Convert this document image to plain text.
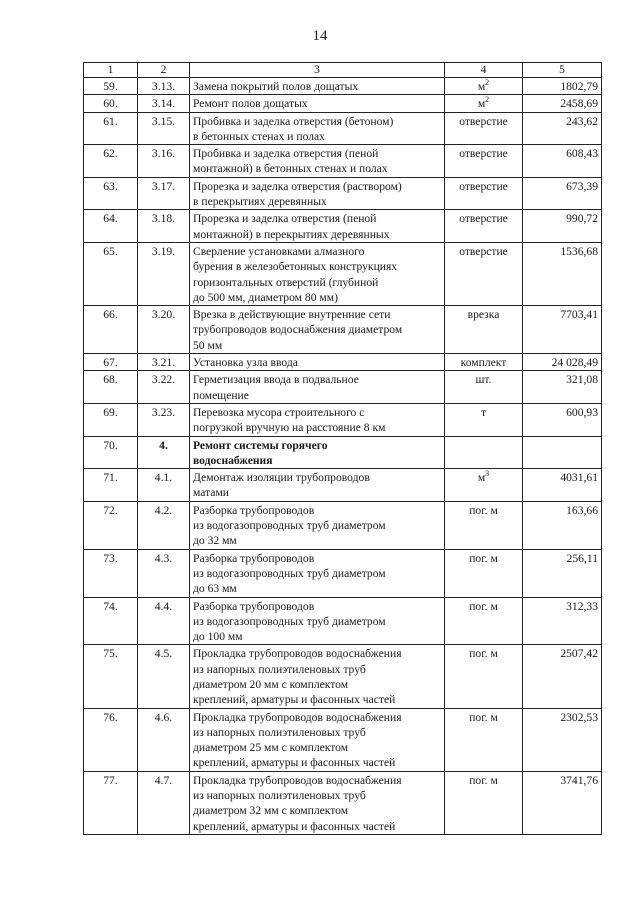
14
1	2	3	4	5
59.	3.13.	Замена покрытий полов дощатых	$м^2$	1802,79
60.	3.14.	Ремонт полов дощатых	$м^2$	2458,69
61.	3.15.	Пробивка и заделка отверстия (бетоном)
в бетонных стенах и полах	отверстие	243,62
62.	3.16.	Пробивка и заделка отверстия (пеной
монтажной) в бетонных стенах и полах	отверстие	608,43
63.	3.17.	Прорезка и заделка отверстия (раствором)
в перекрытиях деревянных	отверстие	673,39
64.	3.18.	Прорезка и заделка отверстия (пеной
монтажной) в перекрытиях деревянных	отверстие	990,72
65.	3.19.	Сверление установками алмазного
бурения в железобетонных конструкциях
горизонтальных отверстий (глубиной
до 500 мм, диаметром 80 мм)	отверстие	1536,68
66.	3.20.	Врезка в действующие внутренние сети
трубопроводов водоснабжения диаметром
50 мм	врезка	7703,41
67.	3.21.	Установка узла ввода	комплект	24 028,49
68.	3.22.	Герметизация ввода в подвальное
помещение	шт.	321,08
69.	3.23.	Перевозка мусора строительного с
погрузкой вручную на расстояние 8 км	т	600,93
70.	4.	Ремонт системы горячего
водоснабжения		

71.	4.1.	Демонтаж изоляции трубопроводов
матами	$м^3$	4031,61
72.	4.2.	Разборка трубопроводов
из водогазопроводных труб диаметром
до 32 мм	пог. м	163,66
73.	4.3.	Разборка трубопроводов
из водогазопроводных труб диаметром
до 63 мм	пог. м	256,11
74.	4.4.	Разборка трубопроводов
из водогазопроводных труб диаметром
до 100 мм	пог. м	312,33
75.	4.5.	Прокладка трубопроводов водоснабжения
из напорных полиэтиленовых труб
диаметром 20 мм с комплектом
креплений, арматуры и фасонных частей	пог. м	2507,42
76.	4.6.	Прокладка трубопроводов водоснабжения
из напорных полиэтиленовых труб
диаметром 25 мм с комплектом
креплений, арматуры и фасонных частей	пог. м	2302,53
77.	4.7.	Прокладка трубопроводов водоснабжения
из напорных полиэтиленовых труб
диаметром 32 мм с комплектом
креплений, арматуры и фасонных частей	пог. м	3741,76
